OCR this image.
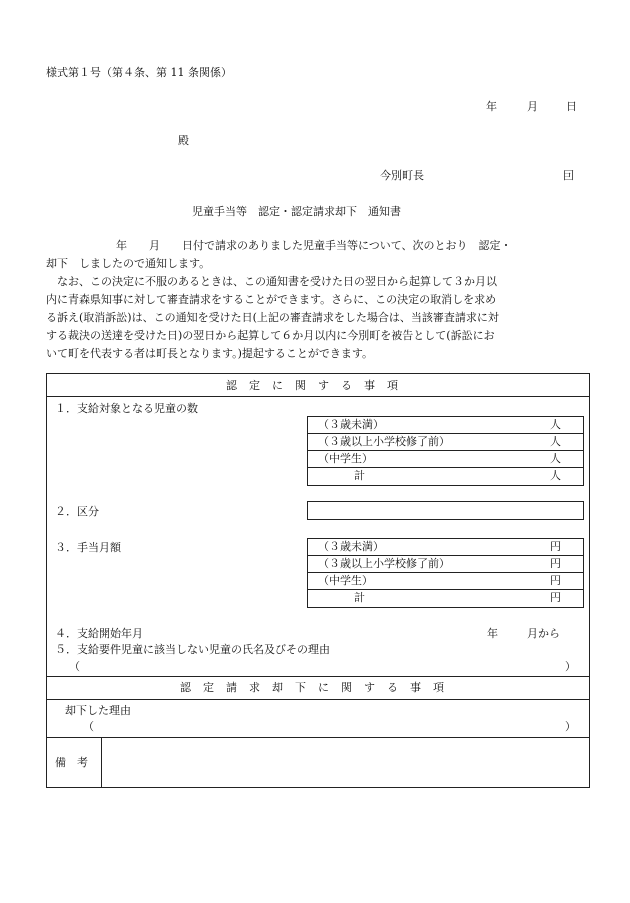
様式第１号（第４条、第 11 条関係）
年	月	日
殿
今別町長	囙
児童手当等　認定・認定請求却下　通知書

年 月 日付で請求のありました児童手当等について、次のとおり　認定・

却下　しましたので通知します。

　なお、この決定に不服のあるときは、この通知書を受けた日の翌日から起算して３か月以

内に青森県知事に対して審査請求をすることができます。さらに、この決定の取消しを求め

る訴え(取消訴訟)は、この通知を受けた日(上記の審査請求をした場合は、当該審査請求に対

する裁決の送達を受けた日)の翌日から起算して６か月以内に今別町を被告として(訴訟にお

いて町を代表する者は町長となります。)提起することができます。

認定に関する事項
１．支給対象となる児童の数
（３歳未満）	人
（３歳以上小学校修了前）	人
（中学生）	人
計	人
２．区分
３．手当月額	（３歳未満）	円
（３歳以上小学校修了前）	円
（中学生）	円
計	円
４．支給開始年月	年	月から
５．支給要件児童に該当しない児童の氏名及びその理由
（	）
認定請求却下に関する事項
却下した理由
（	）
備　考
